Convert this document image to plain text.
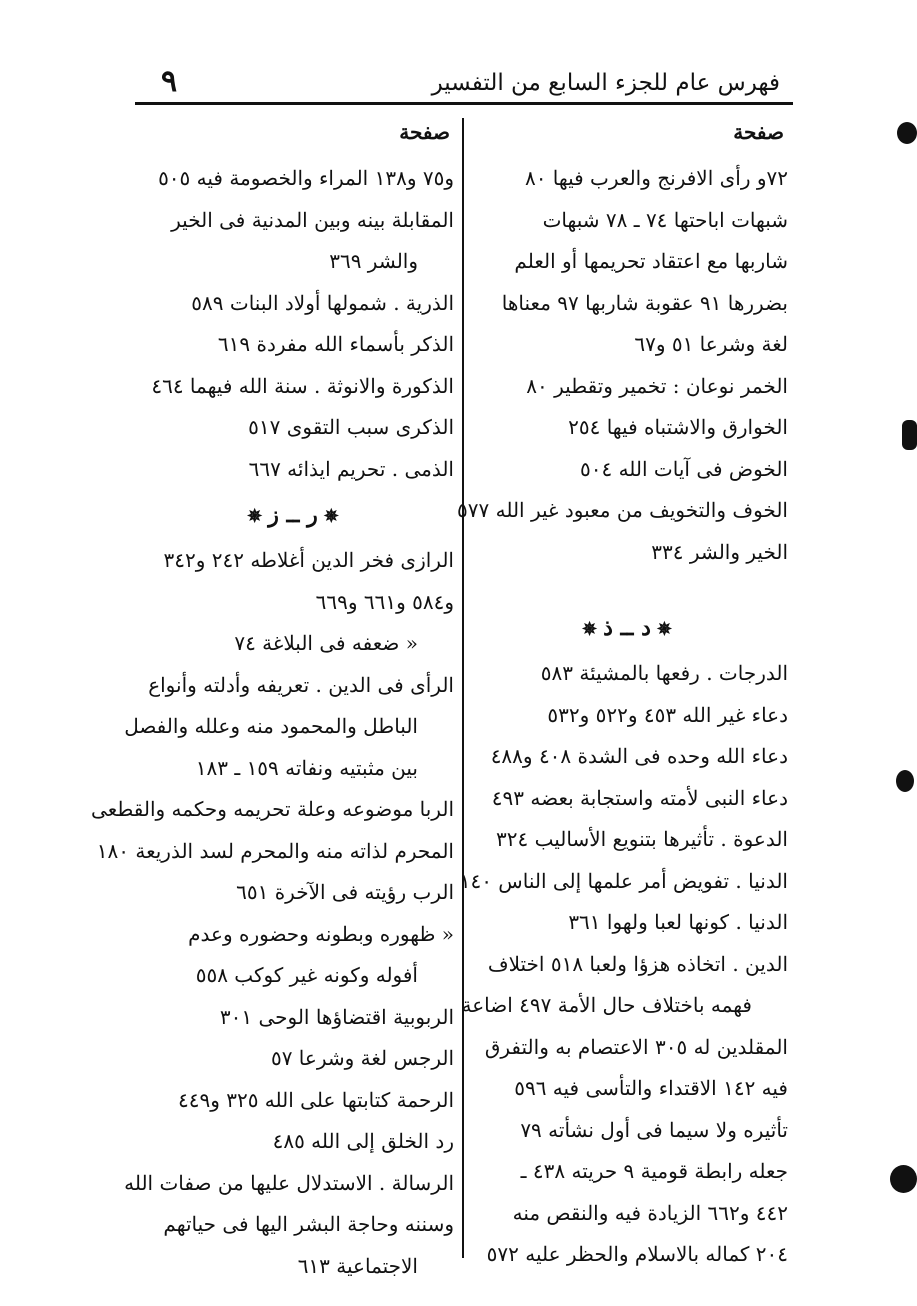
٩	فهرس عام للجزء السابع من التفسير
صفحة
٧٢و رأى الافرنج والعرب فيها ٨٠
شبهات اباحتها ٧٤ ـ ٧٨ شبهات
شاربها مع اعتقاد تحريمها أو العلم
بضررها ٩١ عقوبة شاربها ٩٧ معناها
لغة وشرعا ٥١ و٦٧
الخمر نوعان : تخمير وتقطير ٨٠
الخوارق والاشتباه فيها ٢٥٤
الخوض فى آيات الله ٥٠٤
الخوف والتخويف من معبود غير الله ٥٧٧
الخير والشر ٣٣٤
✵د ــ ذ✵
الدرجات . رفعها بالمشيئة ٥٨٣
دعاء غير الله ٤٥٣ و٥٢٢ و٥٣٢
دعاء الله وحده فى الشدة ٤٠٨ و٤٨٨
دعاء النبى لأمته واستجابة بعضه ٤٩٣
الدعوة . تأثيرها بتنويع الأساليب ٣٢٤
الدنيا . تفويض أمر علمها إلى الناس ١٤٠
الدنيا . كونها لعبا ولهوا ٣٦١
الدين . اتخاذه هزؤا ولعبا ٥١٨ اختلاف
فهمه باختلاف حال الأمة ٤٩٧ اضاعة
المقلدين له ٣٠٥ الاعتصام به والتفرق
فيه ١٤٢ الاقتداء والتأسى فيه ٥٩٦
تأثيره ولا سيما فى أول نشأته ٧٩
جعله رابطة قومية ٩ حريته ٤٣٨ ـ
٤٤٢ و٦٦٢ الزيادة فيه والنقص منه
٢٠٤ كماله بالاسلام والحظر عليه ٥٧٢
صفحة
و٧٥ و١٣٨ المراء والخصومة فيه ٥٠٥
المقابلة بينه وبين المدنية فى الخير
والشر ٣٦٩
الذرية . شمولها أولاد البنات ٥٨٩
الذكر بأسماء الله مفردة ٦١٩
الذكورة والانوثة . سنة الله فيهما ٤٦٤
الذكرى سبب التقوى ٥١٧
الذمى . تحريم ايذائه ٦٦٧
✵ر ــ ز✵
الرازى فخر الدين أغلاطه ٢٤٢ و٣٤٢
و٥٨٤ و٦٦١ و٦٦٩
« ضعفه فى البلاغة ٧٤
الرأى فى الدين . تعريفه وأدلته وأنواع
الباطل والمحمود منه وعلله والفصل
بين مثبتيه ونفاته ١٥٩ ـ ١٨٣
الربا موضوعه وعلة تحريمه وحكمه والقطعى
المحرم لذاته منه والمحرم لسد الذريعة ١٨٠
الرب رؤيته فى الآخرة ٦٥١
« ظهوره وبطونه وحضوره وعدم
أفوله وكونه غير كوكب ٥٥٨
الربوبية اقتضاؤها الوحى ٣٠١
الرجس لغة وشرعا ٥٧
الرحمة كتابتها على الله ٣٢٥ و٤٤٩
رد الخلق إلى الله ٤٨٥
الرسالة . الاستدلال عليها من صفات الله
وسننه وحاجة البشر اليها فى حياتهم
الاجتماعية ٦١٣
